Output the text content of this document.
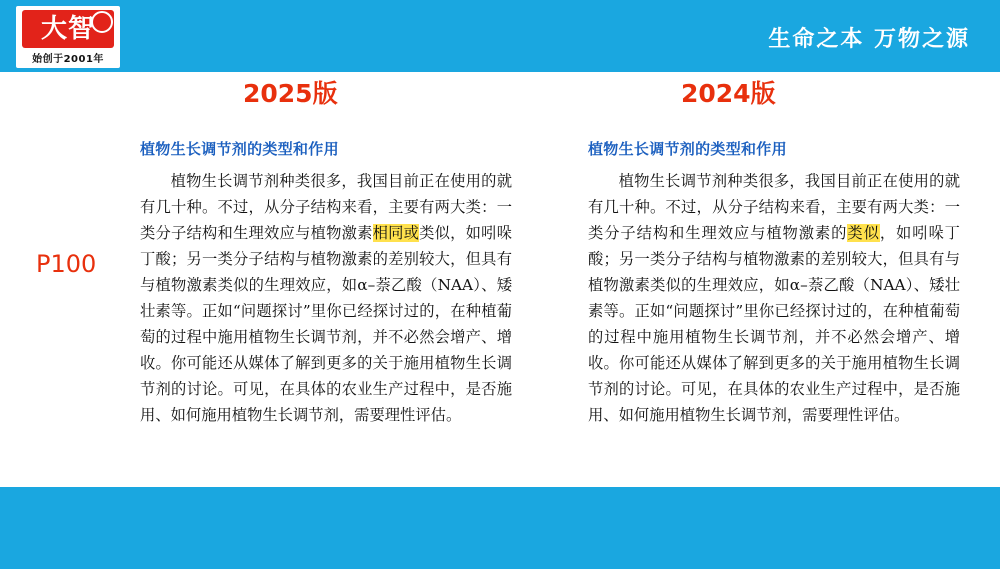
大智
始创于2001年
生命之本 万物之源
2025版	2024版
P100
植物生长调节剂的类型和作用

植物生长调节剂种类很多，我国目前正在使用的就有几十种。不过，从分子结构来看，主要有两大类：一类分子结构和生理效应与植物激素相同或类似，如吲哚丁酸；另一类分子结构与植物激素的差别较大，但具有与植物激素类似的生理效应，如α–萘乙酸（NAA）、矮壮素等。正如“问题探讨”里你已经探讨过的，在种植葡萄的过程中施用植物生长调节剂，并不必然会增产、增收。你可能还从媒体了解到更多的关于施用植物生长调节剂的讨论。可见，在具体的农业生产过程中，是否施用、如何施用植物生长调节剂，需要理性评估。

植物生长调节剂的类型和作用

植物生长调节剂种类很多，我国目前正在使用的就有几十种。不过，从分子结构来看，主要有两大类：一类分子结构和生理效应与植物激素的类似，如吲哚丁酸；另一类分子结构与植物激素的差别较大，但具有与植物激素类似的生理效应，如α–萘乙酸（NAA）、矮壮素等。正如“问题探讨”里你已经探讨过的，在种植葡萄的过程中施用植物生长调节剂，并不必然会增产、增收。你可能还从媒体了解到更多的关于施用植物生长调节剂的讨论。可见，在具体的农业生产过程中，是否施用、如何施用植物生长调节剂，需要理性评估。
